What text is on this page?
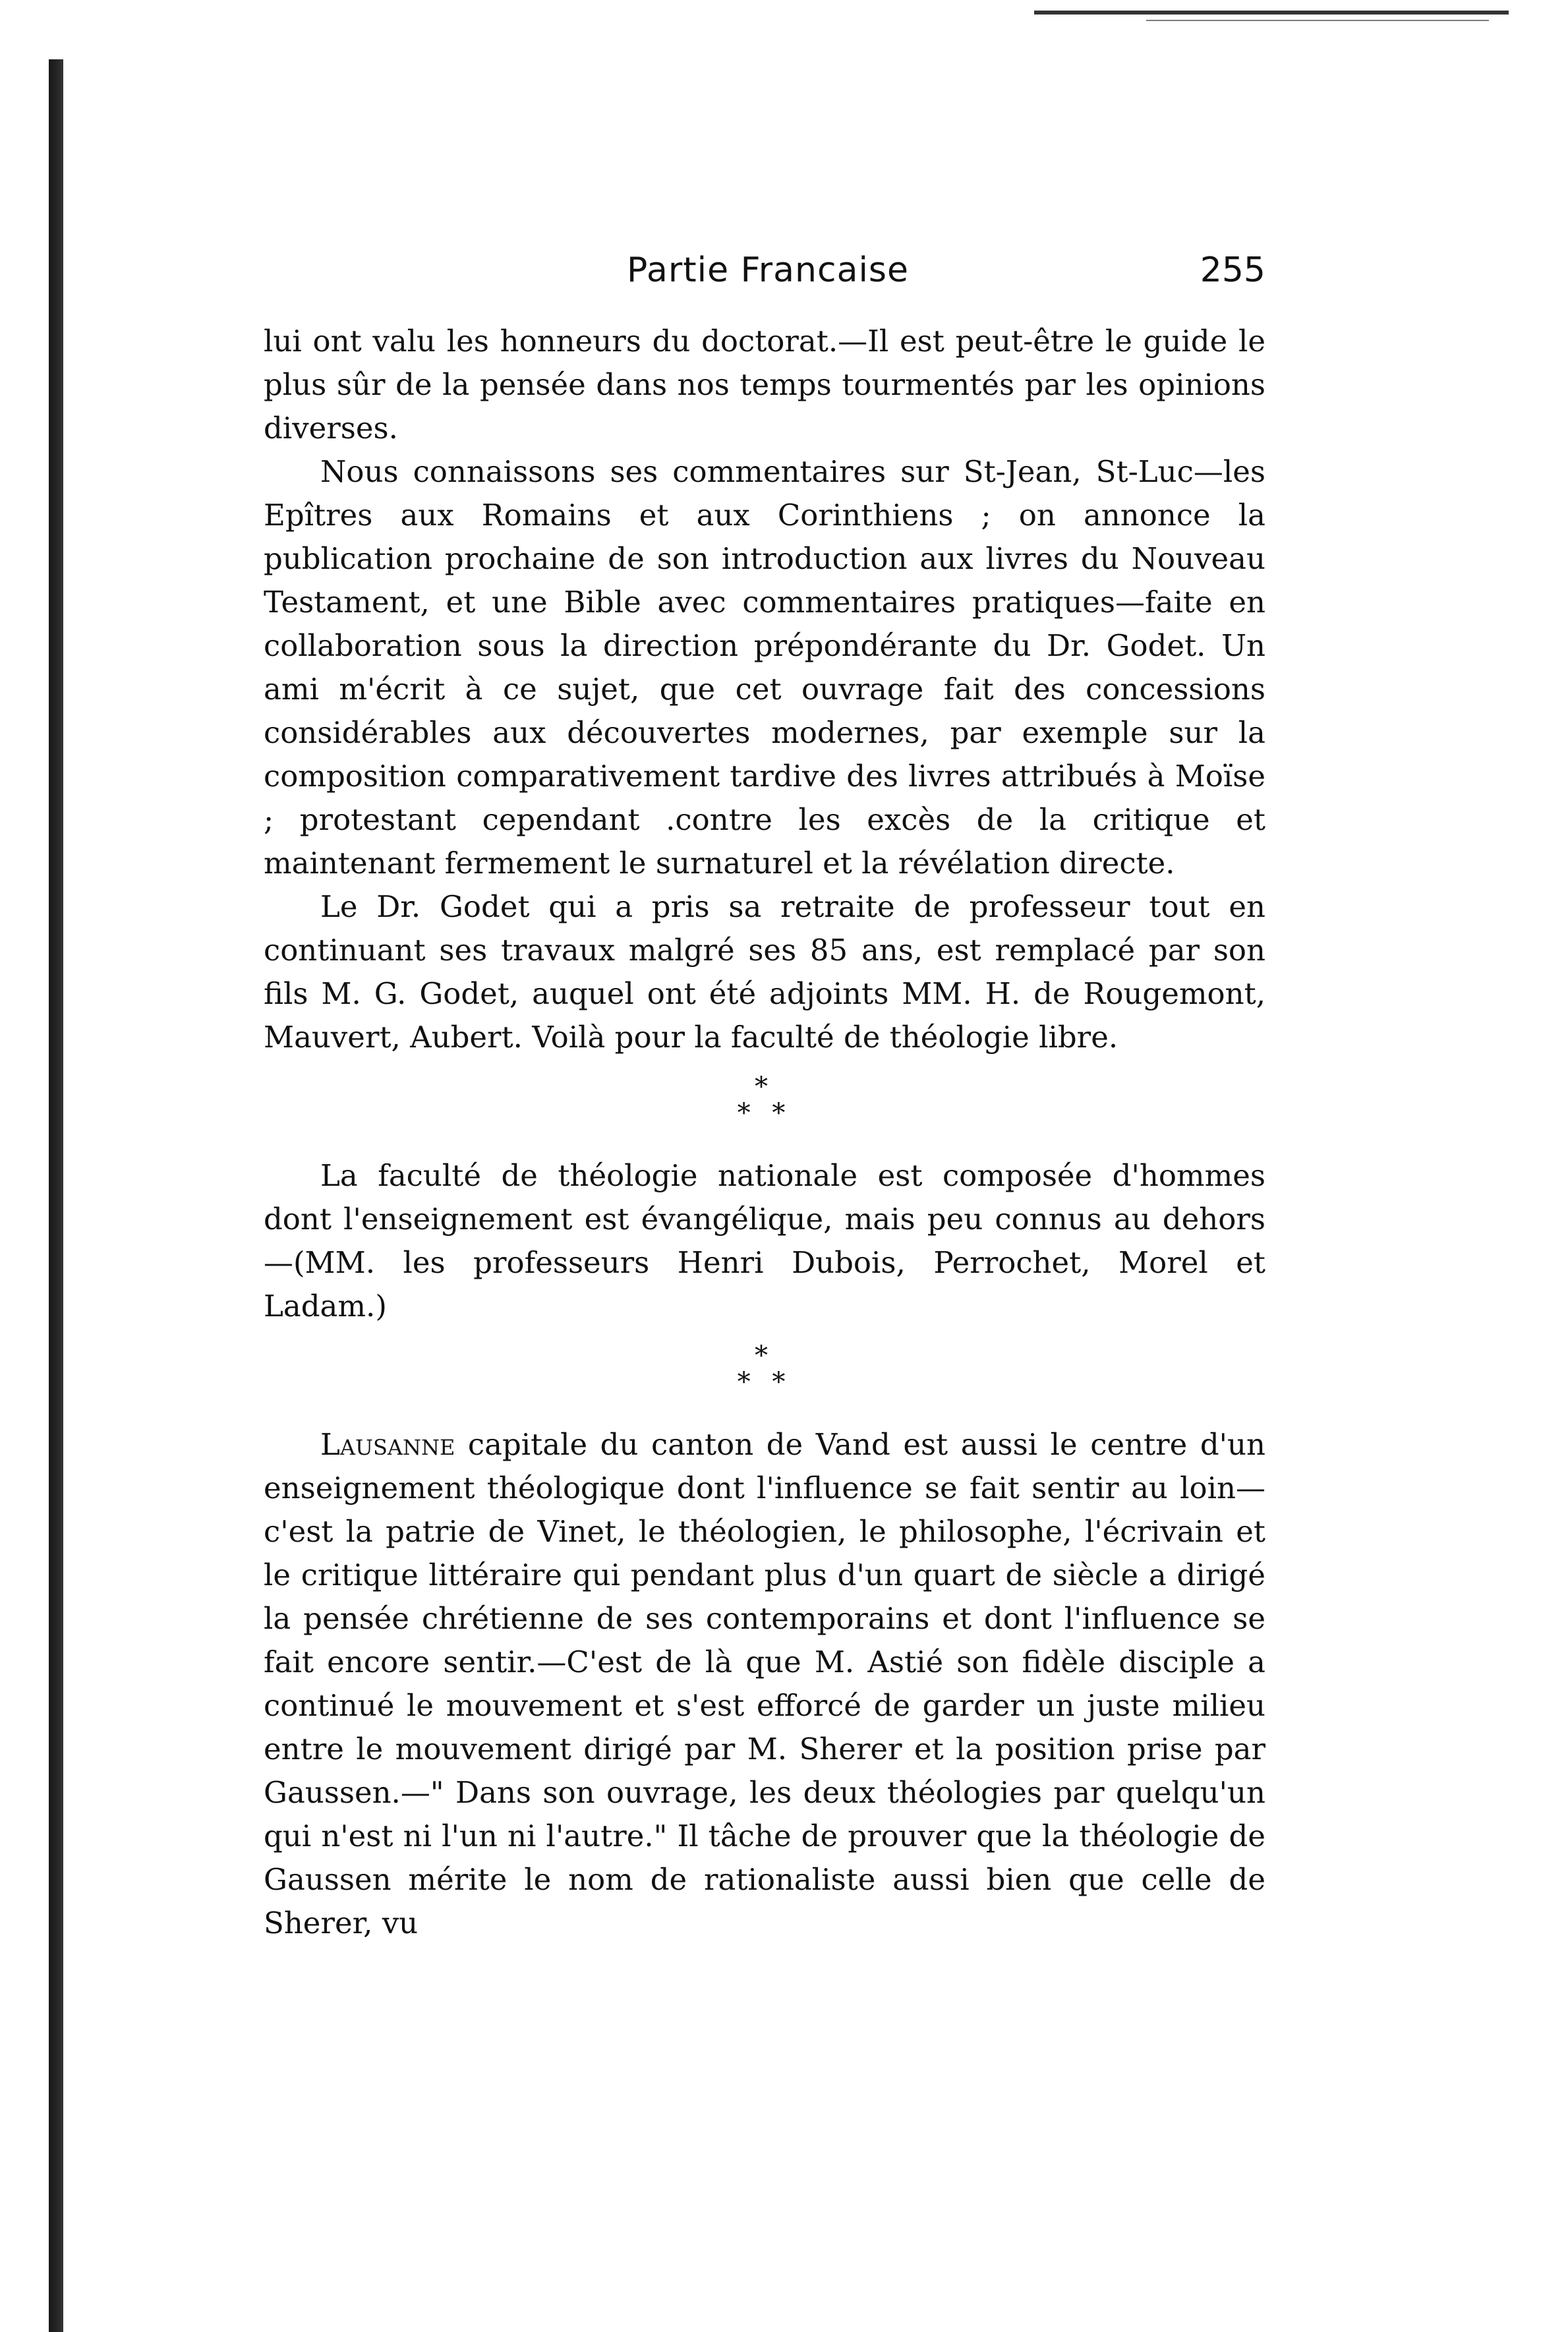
Partie Francaise	255

lui ont valu les honneurs du doctorat.—Il est peut-être le guide le plus sûr de la pensée dans nos temps tourmentés par les opinions diverses.

Nous connaissons ses commentaires sur St-Jean, St-Luc—les Epîtres aux Romains et aux Corinthiens ; on annonce la publication prochaine de son introduction aux livres du Nouveau Testament, et une Bible avec commentaires pratiques—faite en collaboration sous la direction prépondérante du Dr. Godet. Un ami m'écrit à ce sujet, que cet ouvrage fait des concessions considérables aux découvertes modernes, par exemple sur la composition comparativement tardive des livres attribués à Moïse ; protestant cependant .contre les excès de la critique et maintenant fermement le surnaturel et la révélation directe.

Le Dr. Godet qui a pris sa retraite de professeur tout en continuant ses travaux malgré ses 85 ans, est remplacé par son fils M. G. Godet, auquel ont été adjoints MM. H. de Rougemont, Mauvert, Aubert. Voilà pour la faculté de théologie libre.

*
* *

La faculté de théologie nationale est composée d'hommes dont l'enseignement est évangélique, mais peu connus au dehors—(MM. les professeurs Henri Dubois, Perrochet, Morel et Ladam.)

*
* *

Lausanne capitale du canton de Vand est aussi le centre d'un enseignement théologique dont l'influence se fait sentir au loin—c'est la patrie de Vinet, le théologien, le philosophe, l'écrivain et le critique littéraire qui pendant plus d'un quart de siècle a dirigé la pensée chrétienne de ses contemporains et dont l'influence se fait encore sentir.—C'est de là que M. Astié son fidèle disciple a continué le mouvement et s'est efforcé de garder un juste milieu entre le mouvement dirigé par M. Sherer et la position prise par Gaussen.—" Dans son ouvrage, les deux théologies par quelqu'un qui n'est ni l'un ni l'autre." Il tâche de prouver que la théologie de Gaussen mérite le nom de rationaliste aussi bien que celle de Sherer, vu
